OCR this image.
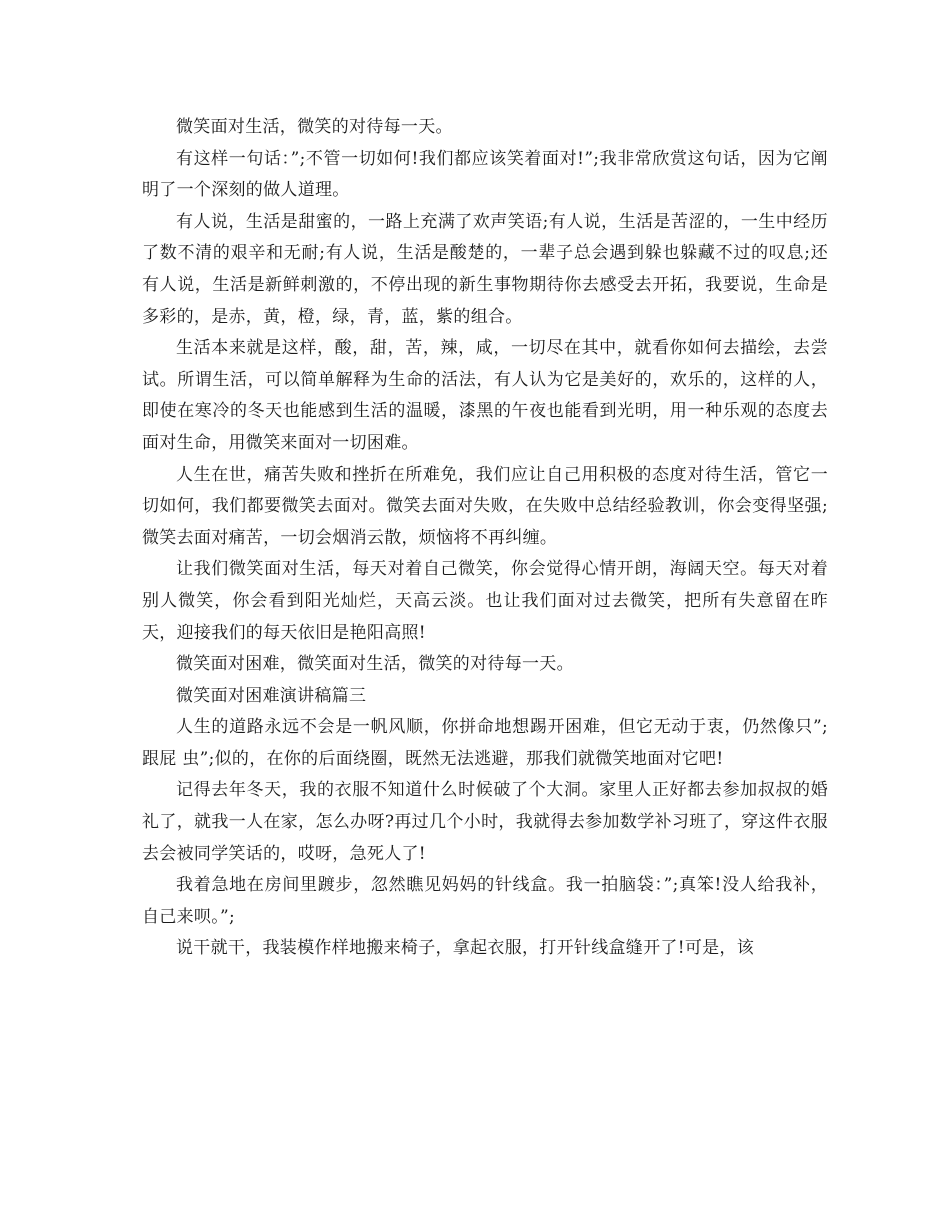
微笑面对生活，微笑的对待每一天。

有这样一句话：”;不管一切如何!我们都应该笑着面对!”;我非常欣赏这句话，因为它阐明了一个深刻的做人道理。

有人说，生活是甜蜜的，一路上充满了欢声笑语;有人说，生活是苦涩的，一生中经历了数不清的艰辛和无耐;有人说，生活是酸楚的，一辈子总会遇到躲也躲藏不过的叹息;还有人说，生活是新鲜刺激的，不停出现的新生事物期待你去感受去开拓，我要说，生命是多彩的，是赤，黄，橙，绿，青，蓝，紫的组合。

生活本来就是这样，酸，甜，苦，辣，咸，一切尽在其中，就看你如何去描绘，去尝试。所谓生活，可以简单解释为生命的活法，有人认为它是美好的，欢乐的，这样的人，即使在寒冷的冬天也能感到生活的温暖，漆黑的午夜也能看到光明，用一种乐观的态度去面对生命，用微笑来面对一切困难。

人生在世，痛苦失败和挫折在所难免，我们应让自己用积极的态度对待生活，管它一切如何，我们都要微笑去面对。微笑去面对失败，在失败中总结经验教训，你会变得坚强;微笑去面对痛苦，一切会烟消云散，烦恼将不再纠缠。

让我们微笑面对生活，每天对着自己微笑，你会觉得心情开朗，海阔天空。每天对着别人微笑，你会看到阳光灿烂，天高云淡。也让我们面对过去微笑，把所有失意留在昨天，迎接我们的每天依旧是艳阳高照!

微笑面对困难，微笑面对生活，微笑的对待每一天。

微笑面对困难演讲稿篇三

人生的道路永远不会是一帆风顺，你拼命地想踢开困难，但它无动于衷，仍然像只”;跟屁 虫”;似的，在你的后面绕圈，既然无法逃避，那我们就微笑地面对它吧!

记得去年冬天，我的衣服不知道什么时候破了个大洞。家里人正好都去参加叔叔的婚礼了，就我一人在家，怎么办呀?再过几个小时，我就得去参加数学补习班了，穿这件衣服去会被同学笑话的，哎呀，急死人了!

我着急地在房间里踱步，忽然瞧见妈妈的针线盒。我一拍脑袋：”;真笨!没人给我补，自己来呗。”;

说干就干，我装模作样地搬来椅子，拿起衣服，打开针线盒缝开了!可是，该
